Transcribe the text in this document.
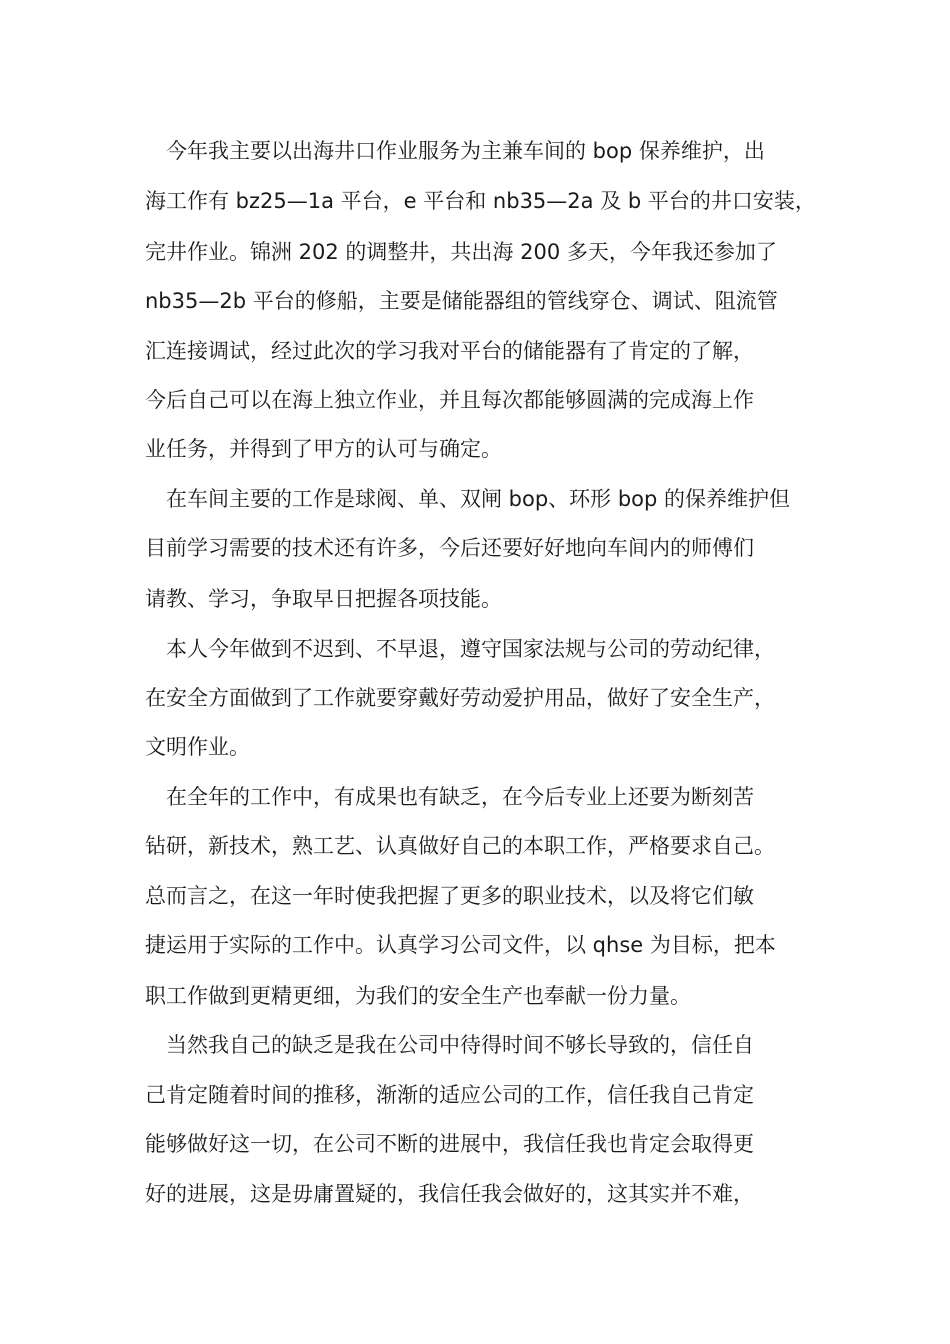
今年我主要以出海井口作业服务为主兼车间的 bop 保养维护，出
海工作有 bz25—1a 平台，e 平台和 nb35—2a 及 b 平台的井口安装，
完井作业。锦洲 202 的调整井，共出海 200 多天，今年我还参加了
nb35—2b 平台的修船，主要是储能器组的管线穿仓、调试、阻流管
汇连接调试，经过此次的学习我对平台的储能器有了肯定的了解，
今后自己可以在海上独立作业，并且每次都能够圆满的完成海上作
业任务，并得到了甲方的认可与确定。
在车间主要的工作是球阀、单、双闸 bop、环形 bop 的保养维护但
目前学习需要的技术还有许多，今后还要好好地向车间内的师傅们
请教、学习，争取早日把握各项技能。
本人今年做到不迟到、不早退，遵守国家法规与公司的劳动纪律，
在安全方面做到了工作就要穿戴好劳动爱护用品，做好了安全生产，
文明作业。
在全年的工作中，有成果也有缺乏，在今后专业上还要为断刻苦
钻研，新技术，熟工艺、认真做好自己的本职工作，严格要求自己。
总而言之，在这一年时使我把握了更多的职业技术，以及将它们敏
捷运用于实际的工作中。认真学习公司文件，以 qhse 为目标，把本
职工作做到更精更细，为我们的安全生产也奉献一份力量。
当然我自己的缺乏是我在公司中待得时间不够长导致的，信任自
己肯定随着时间的推移，渐渐的适应公司的工作，信任我自己肯定
能够做好这一切，在公司不断的进展中，我信任我也肯定会取得更
好的进展，这是毋庸置疑的，我信任我会做好的，这其实并不难，
